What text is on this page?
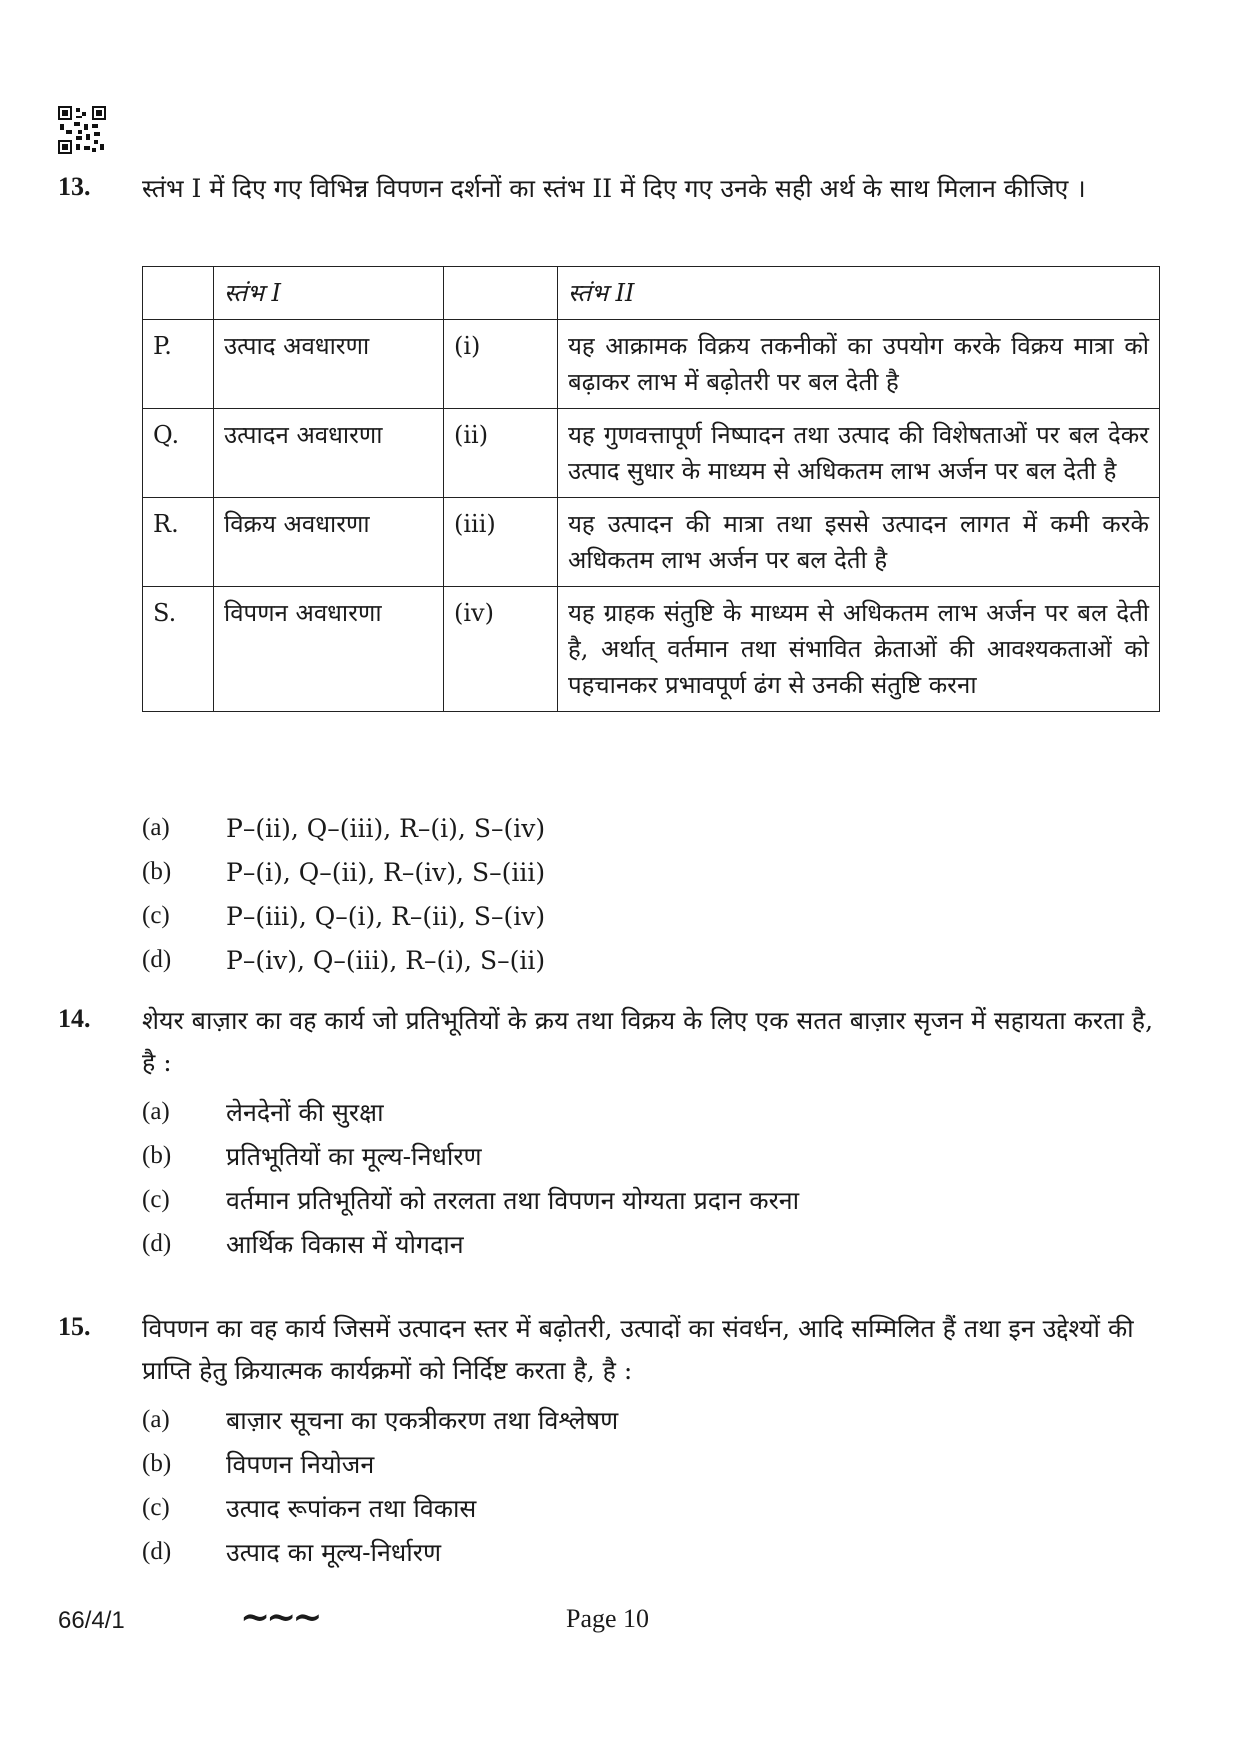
13. स्तंभ I में दिए गए विभिन्न विपणन दर्शनों का स्तंभ II में दिए गए उनके सही अर्थ के साथ मिलान कीजिए ।
	स्तंभ I		स्तंभ II
P.	उत्पाद अवधारणा	(i)	यह आक्रामक विक्रय तकनीकों का उपयोग करके विक्रय मात्रा को बढ़ाकर लाभ में बढ़ोतरी पर बल देती है
Q.	उत्पादन अवधारणा	(ii)	यह गुणवत्तापूर्ण निष्पादन तथा उत्पाद की विशेषताओं पर बल देकर उत्पाद सुधार के माध्यम से अधिकतम लाभ अर्जन पर बल देती है
R.	विक्रय अवधारणा	(iii)	यह उत्पादन की मात्रा तथा इससे उत्पादन लागत में कमी करके अधिकतम लाभ अर्जन पर बल देती है
S.	विपणन अवधारणा	(iv)	यह ग्राहक संतुष्टि के माध्यम से अधिकतम लाभ अर्जन पर बल देती है, अर्थात् वर्तमान तथा संभावित क्रेताओं की आवश्यकताओं को पहचानकर प्रभावपूर्ण ढंग से उनकी संतुष्टि करना
(a)	P–(ii), Q–(iii), R–(i), S–(iv)
(b)	P–(i), Q–(ii), R–(iv), S–(iii)
(c)	P–(iii), Q–(i), R–(ii), S–(iv)
(d)	P–(iv), Q–(iii), R–(i), S–(ii)
14. शेयर बाज़ार का वह कार्य जो प्रतिभूतियों के क्रय तथा विक्रय के लिए एक सतत बाज़ार सृजन में सहायता करता है, है :
(a)	लेनदेनों की सुरक्षा
(b)	प्रतिभूतियों का मूल्य-निर्धारण
(c)	वर्तमान प्रतिभूतियों को तरलता तथा विपणन योग्यता प्रदान करना
(d)	आर्थिक विकास में योगदान
15. विपणन का वह कार्य जिसमें उत्पादन स्तर में बढ़ोतरी, उत्पादों का संवर्धन, आदि सम्मिलित हैं तथा इन उद्देश्यों की प्राप्ति हेतु क्रियात्मक कार्यक्रमों को निर्दिष्ट करता है, है :
(a)	बाज़ार सूचना का एकत्रीकरण तथा विश्लेषण
(b)	विपणन नियोजन
(c)	उत्पाद रूपांकन तथा विकास
(d)	उत्पाद का मूल्य-निर्धारण
66/4/1	~~~	Page 10
